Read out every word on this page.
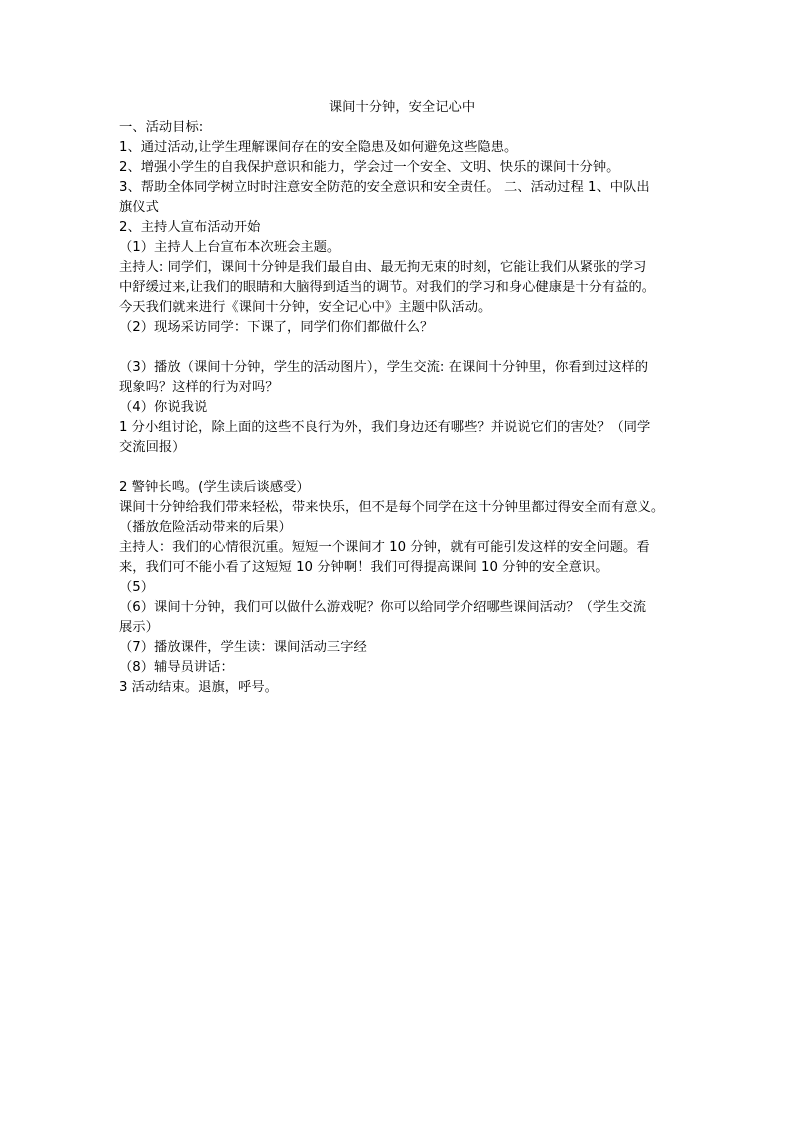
课间十分钟，安全记心中
一、活动目标:
1、通过活动,让学生理解课间存在的安全隐患及如何避免这些隐患。
2、增强小学生的自我保护意识和能力，学会过一个安全、文明、快乐的课间十分钟。
3、帮助全体同学树立时时注意安全防范的安全意识和安全责任。 二、活动过程 1、中队出
旗仪式
2、主持人宣布活动开始
（1）主持人上台宣布本次班会主题。
主持人: 同学们，课间十分钟是我们最自由、最无拘无束的时刻，它能让我们从紧张的学习
中舒缓过来,让我们的眼睛和大脑得到适当的调节。对我们的学习和身心健康是十分有益的。
今天我们就来进行《课间十分钟，安全记心中》主题中队活动。
（2）现场采访同学：下课了，同学们你们都做什么？
（3）播放（课间十分钟，学生的活动图片），学生交流: 在课间十分钟里，你看到过这样的
现象吗？这样的行为对吗？
（4）你说我说
1 分小组讨论，除上面的这些不良行为外，我们身边还有哪些？并说说它们的害处？（同学
交流回报）
2 警钟长鸣。(学生读后谈感受）
课间十分钟给我们带来轻松，带来快乐，但不是每个同学在这十分钟里都过得安全而有意义。
（播放危险活动带来的后果）
主持人：我们的心情很沉重。短短一个课间才 10 分钟，就有可能引发这样的安全问题。看
来，我们可不能小看了这短短 10 分钟啊！我们可得提高课间 10 分钟的安全意识。
（5）
（6）课间十分钟，我们可以做什么游戏呢？你可以给同学介绍哪些课间活动？（学生交流
展示）
（7）播放课件，学生读：课间活动三字经
（8）辅导员讲话：
3 活动结束。退旗，呼号。
